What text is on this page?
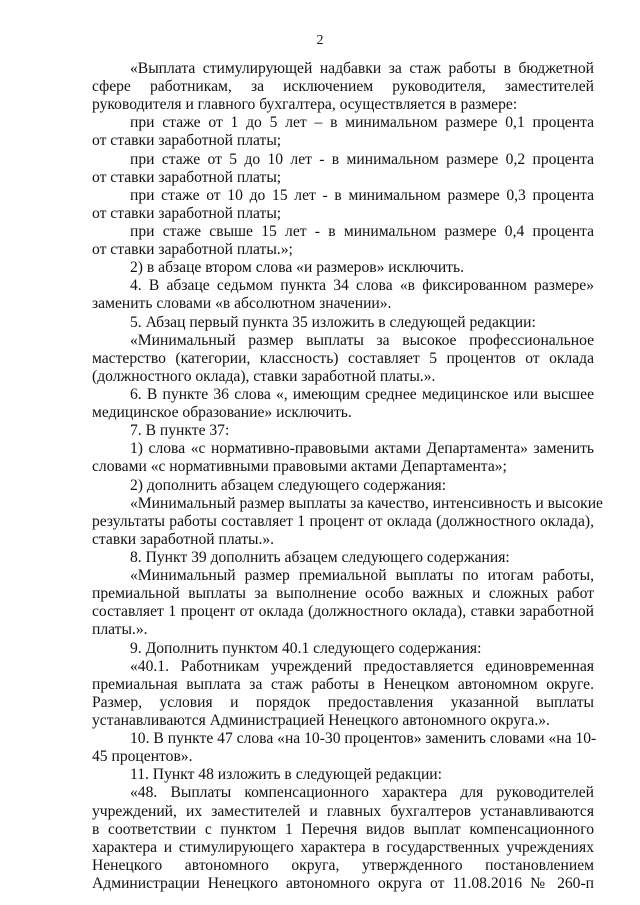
2
«Выплата стимулирующей надбавки за стаж работы в бюджетной
сфере работникам, за исключением руководителя, заместителей
руководителя и главного бухгалтера, осуществляется в размере:
при стаже от 1 до 5 лет – в минимальном размере 0,1 процента
от ставки заработной платы;
при стаже от 5 до 10 лет - в минимальном размере 0,2 процента
от ставки заработной платы;
при стаже от 10 до 15 лет - в минимальном размере 0,3 процента
от ставки заработной платы;
при стаже свыше 15 лет - в минимальном размере 0,4 процента
от ставки заработной платы.»;
2) в абзаце втором слова «и размеров» исключить.
4. В абзаце седьмом пункта 34 слова «в фиксированном размере»
заменить словами «в абсолютном значении».
5. Абзац первый пункта 35 изложить в следующей редакции:
«Минимальный размер выплаты за высокое профессиональное
мастерство (категории, классность) составляет 5 процентов от оклада
(должностного оклада), ставки заработной платы.».
6. В пункте 36 слова «, имеющим среднее медицинское или высшее
медицинское образование» исключить.
7. В пункте 37:
1) слова «с нормативно-правовыми актами Департамента» заменить
словами «с нормативными правовыми актами Департамента»;
2) дополнить абзацем следующего содержания:
«Минимальный размер выплаты за качество, интенсивность и высокие
результаты работы составляет 1 процент от оклада (должностного оклада),
ставки заработной платы.».
8. Пункт 39 дополнить абзацем следующего содержания:
«Минимальный размер премиальной выплаты по итогам работы,
премиальной выплаты за выполнение особо важных и сложных работ
составляет 1 процент от оклада (должностного оклада), ставки заработной
платы.».
9. Дополнить пунктом 40.1 следующего содержания:
«40.1. Работникам учреждений предоставляется единовременная
премиальная выплата за стаж работы в Ненецком автономном округе.
Размер, условия и порядок предоставления указанной выплаты
устанавливаются Администрацией Ненецкого автономного округа.».
10. В пункте 47 слова «на 10-30 процентов» заменить словами «на 10-
45 процентов».
11. Пункт 48 изложить в следующей редакции:
«48. Выплаты компенсационного характера для руководителей
учреждений, их заместителей и главных бухгалтеров устанавливаются
в соответствии с пунктом 1 Перечня видов выплат компенсационного
характера и стимулирующего характера в государственных учреждениях
Ненецкого автономного округа, утвержденного постановлением
Администрации Ненецкого автономного округа от 11.08.2016 № 260-п
